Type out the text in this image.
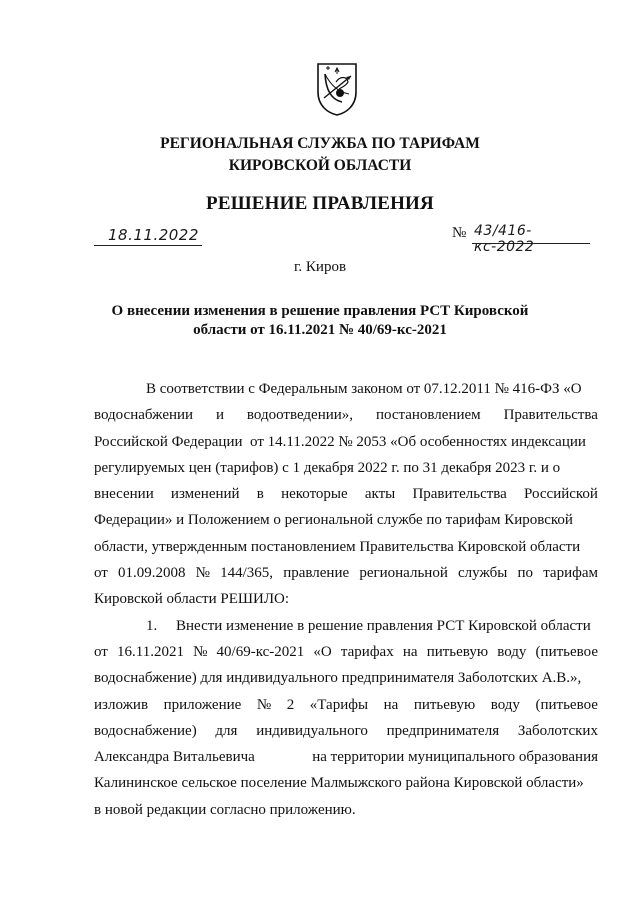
РЕГИОНАЛЬНАЯ СЛУЖБА ПО ТАРИФАМ
КИРОВСКОЙ ОБЛАСТИ
РЕШЕНИЕ ПРАВЛЕНИЯ
18.11.2022	№ 43/416-кс-2022
г. Киров
О внесении изменения в решение правления РСТ Кировской
области от 16.11.2021 № 40/69-кс-2021
В соответствии с Федеральным законом от 07.12.2011 № 416-ФЗ «О
водоснабжении и водоотведении», постановлением Правительства
Российской Федерации  от 14.11.2022 № 2053 «Об особенностях индексации
регулируемых цен (тарифов) с 1 декабря 2022 г. по 31 декабря 2023 г. и о
внесении изменений в некоторые акты Правительства Российской
Федерации» и Положением о региональной службе по тарифам Кировской
области, утвержденным постановлением Правительства Кировской области
от 01.09.2008 № 144/365, правление региональной службы по тарифам
Кировской области РЕШИЛО:
1.     Внести изменение в решение правления РСТ Кировской области
от 16.11.2021 № 40/69-кс-2021 «О тарифах на питьевую воду (питьевое
водоснабжение) для индивидуального предпринимателя Заболотских А.В.»,
изложив приложение № 2 «Тарифы на питьевую воду (питьевое
водоснабжение) для индивидуального предпринимателя Заболотских
Александра Витальевича	на территории муниципального образования
Калининское сельское поселение Малмыжского района Кировской области»
в новой редакции согласно приложению.
